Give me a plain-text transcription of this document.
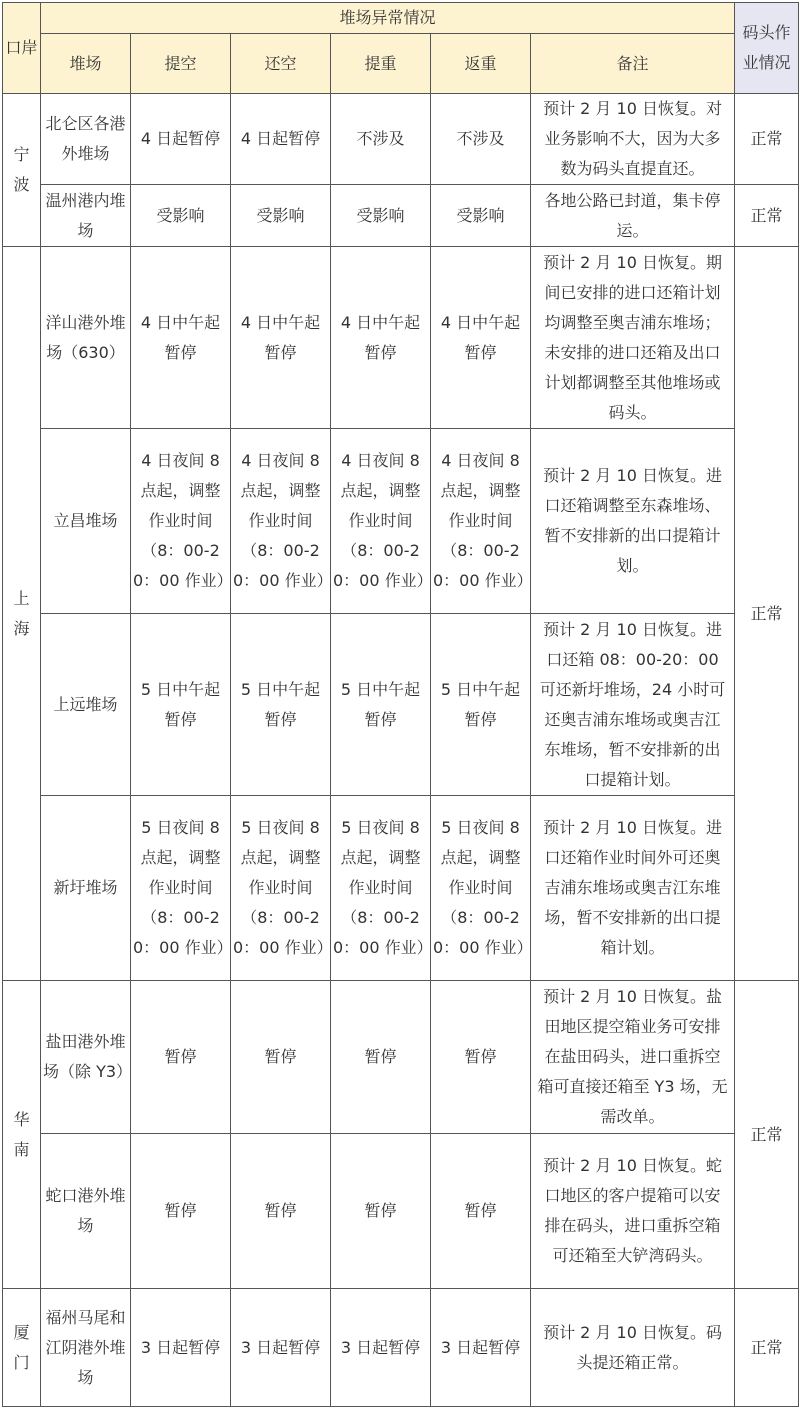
口岸	堆场异常情况						码头作业情况
	堆场	提空	还空	提重	返重	备注	
宁波	北仑区各港外堆场	4 日起暂停	4 日起暂停	不涉及	不涉及	预计 2 月 10 日恢复。对业务影响不大，因为大多数为码头直提直还。	正常
	温州港内堆场	受影响	受影响	受影响	受影响	各地公路已封道，集卡停运。	正常
上海	洋山港外堆场（630）	4 日中午起暂停	4 日中午起暂停	4 日中午起暂停	4 日中午起暂停	预计 2 月 10 日恢复。期间已安排的进口还箱计划均调整至奥吉浦东堆场；未安排的进口还箱及出口计划都调整至其他堆场或码头。	正常
	立昌堆场	4 日夜间 8 点起，调整作业时间（8：00-20：00 作业）	4 日夜间 8 点起，调整作业时间（8：00-20：00 作业）	4 日夜间 8 点起，调整作业时间（8：00-20：00 作业）	4 日夜间 8 点起，调整作业时间（8：00-20：00 作业）	预计 2 月 10 日恢复。进口还箱调整至东森堆场、暂不安排新的出口提箱计划。	
	上远堆场	5 日中午起暂停	5 日中午起暂停	5 日中午起暂停	5 日中午起暂停	预计 2 月 10 日恢复。进口还箱 08：00-20：00 可还新圩堆场，24 小时可还奥吉浦东堆场或奥吉江东堆场，暂不安排新的出口提箱计划。	
	新圩堆场	5 日夜间 8 点起，调整作业时间（8：00-20：00 作业）	5 日夜间 8 点起，调整作业时间（8：00-20：00 作业）	5 日夜间 8 点起，调整作业时间（8：00-20：00 作业）	5 日夜间 8 点起，调整作业时间（8：00-20：00 作业）	预计 2 月 10 日恢复。进口还箱作业时间外可还奥吉浦东堆场或奥吉江东堆场，暂不安排新的出口提箱计划。	
华南	盐田港外堆场（除 Y3）	暂停	暂停	暂停	暂停	预计 2 月 10 日恢复。盐田地区提空箱业务可安排在盐田码头，进口重拆空箱可直接还箱至 Y3 场，无需改单。	正常
	蛇口港外堆场	暂停	暂停	暂停	暂停	预计 2 月 10 日恢复。蛇口地区的客户提箱可以安排在码头，进口重拆空箱可还箱至大铲湾码头。	
厦门	福州马尾和江阴港外堆场	3 日起暂停	3 日起暂停	3 日起暂停	3 日起暂停	预计 2 月 10 日恢复。码头提还箱正常。	正常
